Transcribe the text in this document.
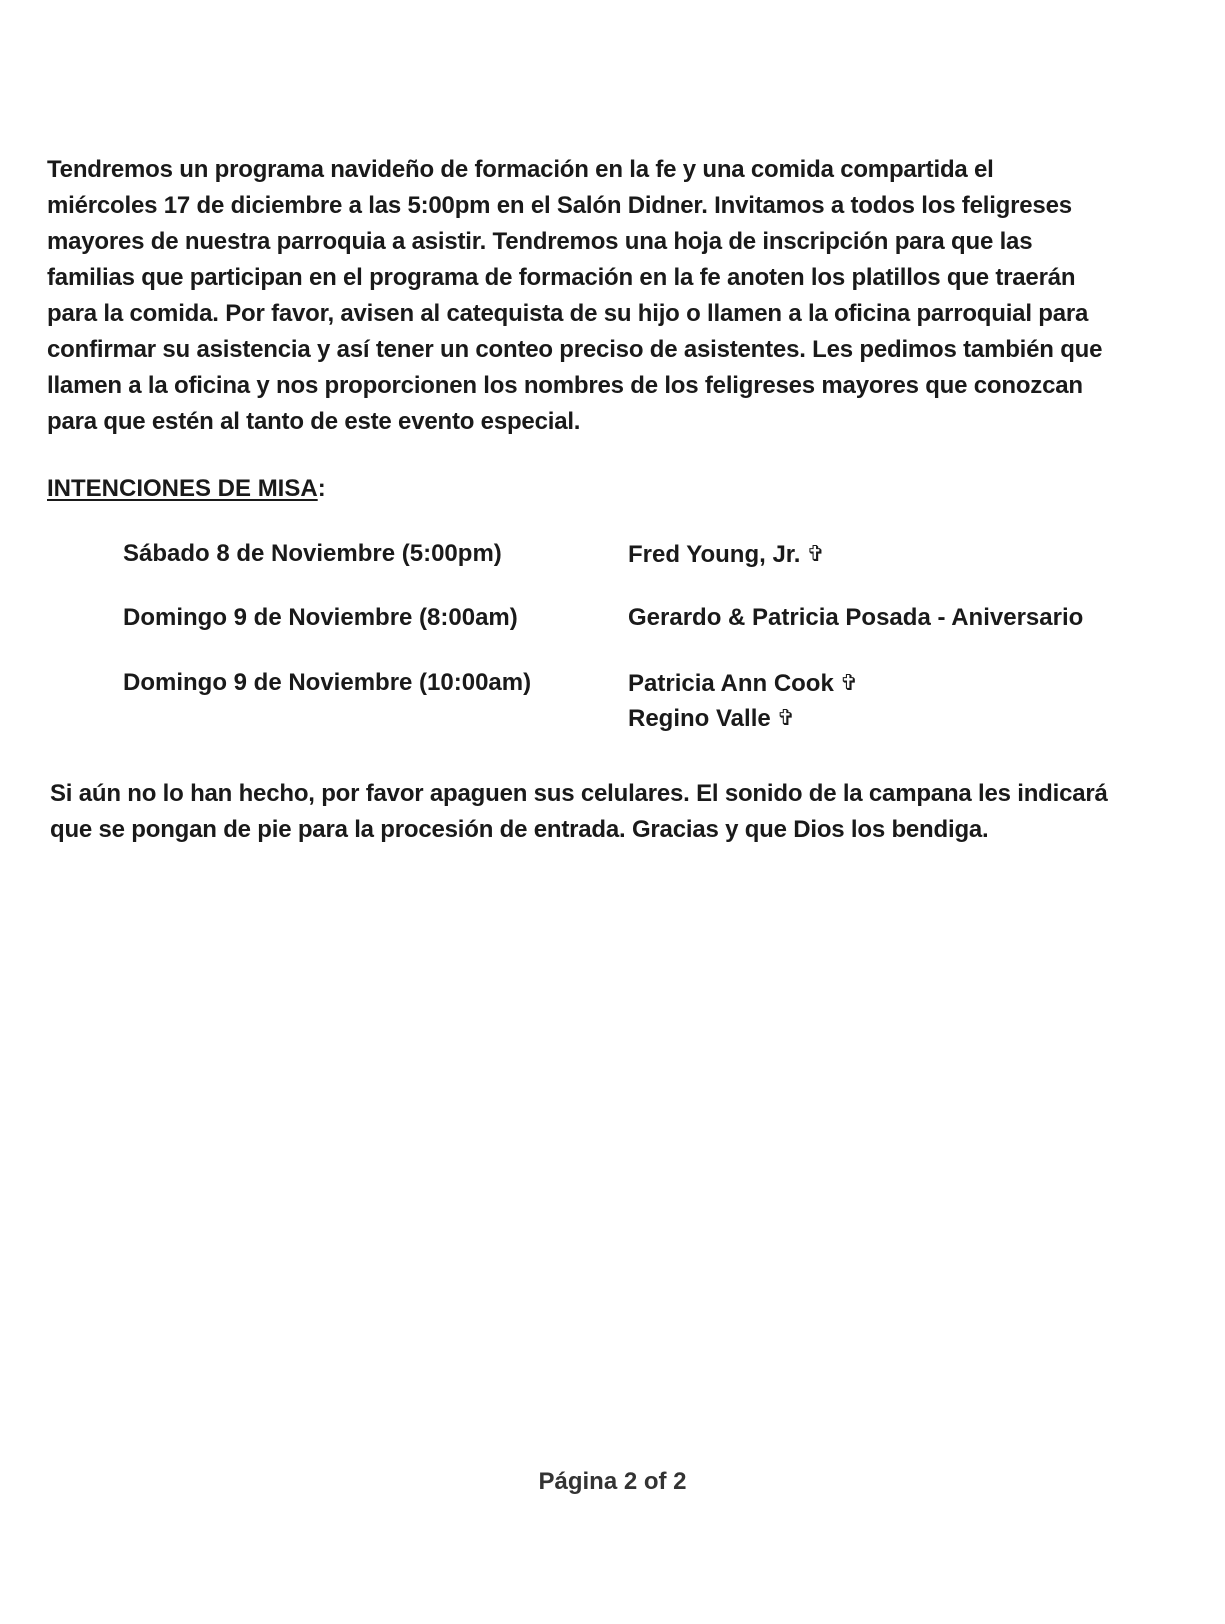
Tendremos un programa navideño de formación en la fe y una comida compartida el
miércoles 17 de diciembre a las 5:00pm en el Salón Didner. Invitamos a todos los feligreses
mayores de nuestra parroquia a asistir. Tendremos una hoja de inscripción para que las
familias que participan en el programa de formación en la fe anoten los platillos que traerán
para la comida. Por favor, avisen al catequista de su hijo o llamen a la oficina parroquial para
confirmar su asistencia y así tener un conteo preciso de asistentes. Les pedimos también que
llamen a la oficina y nos proporcionen los nombres de los feligreses mayores que conozcan
para que estén al tanto de este evento especial.
INTENCIONES DE MISA:
Sábado 8 de Noviembre (5:00pm)	Fred Young, Jr. ✞
Domingo 9 de Noviembre (8:00am)	Gerardo & Patricia Posada - Aniversario
Domingo 9 de Noviembre (10:00am)	Patricia Ann Cook ✞
Regino Valle ✞
Si aún no lo han hecho, por favor apaguen sus celulares. El sonido de la campana les indicará
que se pongan de pie para la procesión de entrada. Gracias y que Dios los bendiga.
Página 2 of 2
